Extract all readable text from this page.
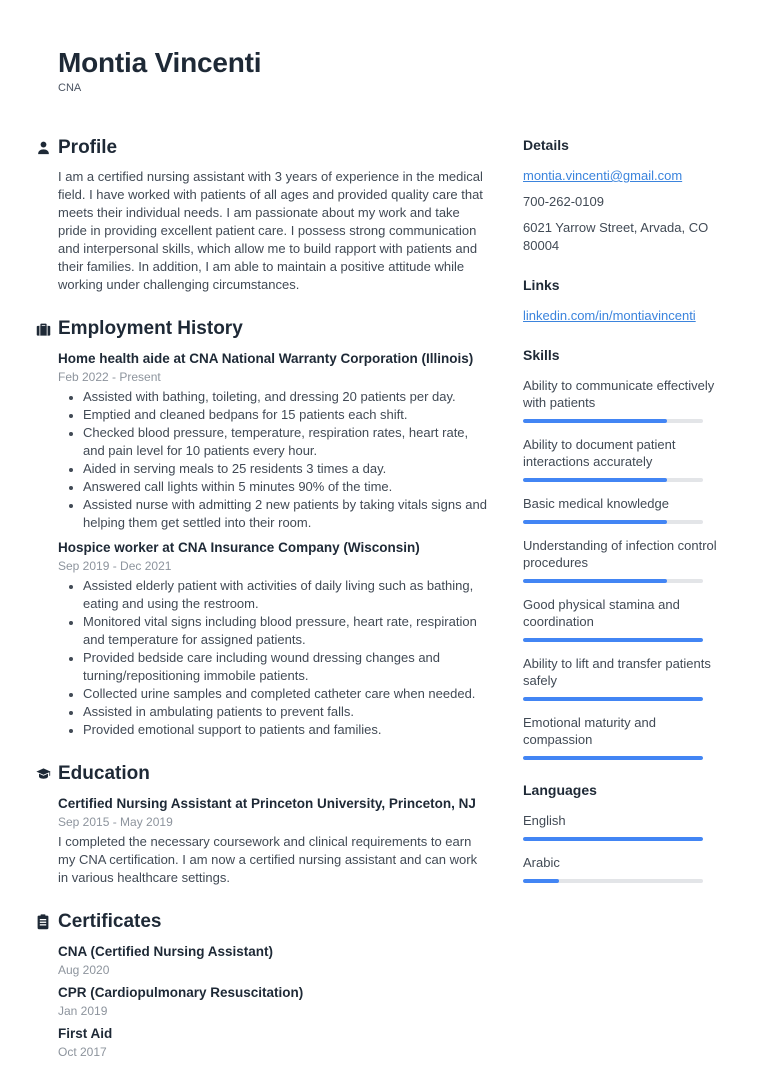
Montia Vincenti
CNA
Profile

I am a certified nursing assistant with 3 years of experience in the medical field. I have worked with patients of all ages and provided quality care that meets their individual needs. I am passionate about my work and take pride in providing excellent patient care. I possess strong communication and interpersonal skills, which allow me to build rapport with patients and their families. In addition, I am able to maintain a positive attitude while working under challenging circumstances.

Employment History
Home health aide at CNA National Warranty Corporation (Illinois)
Feb 2022 - Present
• Assisted with bathing, toileting, and dressing 20 patients per day.
• Emptied and cleaned bedpans for 15 patients each shift.
• Checked blood pressure, temperature, respiration rates, heart rate, and pain level for 10 patients every hour.
• Aided in serving meals to 25 residents 3 times a day.
• Answered call lights within 5 minutes 90% of the time.
• Assisted nurse with admitting 2 new patients by taking vitals signs and helping them get settled into their room.
Hospice worker at CNA Insurance Company (Wisconsin)
Sep 2019 - Dec 2021
• Assisted elderly patient with activities of daily living such as bathing, eating and using the restroom.
• Monitored vital signs including blood pressure, heart rate, respiration and temperature for assigned patients.
• Provided bedside care including wound dressing changes and turning/repositioning immobile patients.
• Collected urine samples and completed catheter care when needed.
• Assisted in ambulating patients to prevent falls.
• Provided emotional support to patients and families.
Education
Certified Nursing Assistant at Princeton University, Princeton, NJ
Sep 2015 - May 2019

I completed the necessary coursework and clinical requirements to earn my CNA certification. I am now a certified nursing assistant and can work in various healthcare settings.

Certificates
CNA (Certified Nursing Assistant)
Aug 2020
CPR (Cardiopulmonary Resuscitation)
Jan 2019
First Aid
Oct 2017
Details
montia.vincenti@gmail.com
700-262-0109
6021 Yarrow Street, Arvada, CO 80004
Links
linkedin.com/in/montiavincenti
Skills
Ability to communicate effectively with patients
Ability to document patient interactions accurately
Basic medical knowledge
Understanding of infection control procedures
Good physical stamina and coordination
Ability to lift and transfer patients safely
Emotional maturity and compassion
Languages
English
Arabic
